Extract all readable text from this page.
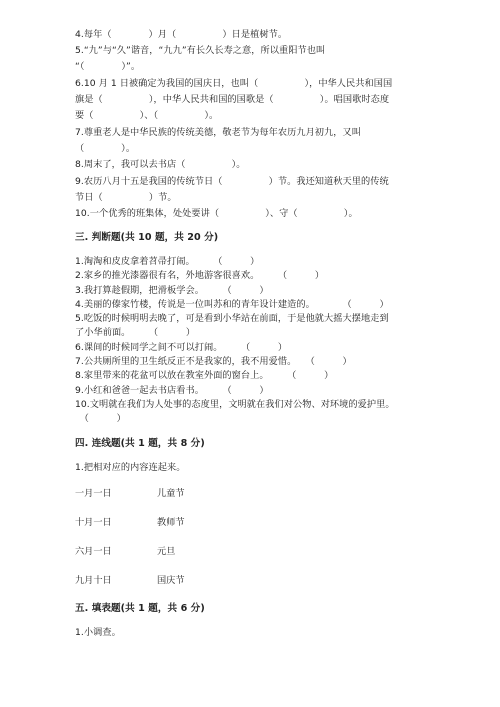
4.每年（　　　　）月（　　　　　）日是植树节。

5.“九”与“久”谐音，“九九”有长久长寿之意，所以重阳节也叫

“（　　　　）”。

6.10 月 1 日被确定为我国的国庆日，也叫（　　　　　），中华人民共和国国

旗是（　　　　　），中华人民共和国的国歌是（　　　　　）。唱国歌时态度

要（　　　　　）、（　　　　　）。

7.尊重老人是中华民族的传统美德，敬老节为每年农历九月初九，又叫

（　　　　）。

8.周末了，我可以去书店（　　　　　）。

9.农历八月十五是我国的传统节日（　　　　　）节。我还知道秋天里的传统

节日（　　　　　）节。

10.一个优秀的班集体，处处要讲（　　　　　）、守（　　　　　）。

三. 判断题(共 10 题，共 20 分)

1.淘淘和皮皮拿着苕帚打闹。　　　（　　　）

2.家乡的推光漆器很有名，外地游客很喜欢。　　　（　　　）

3.我打算趁假期，把滑板学会。　　　（　　　）

4.美丽的傣家竹楼，传说是一位叫苏和的青年设计建造的。　　　　（　　　）

5.吃饭的时候明明去晚了，可是看到小华站在前面，于是他就大摇大摆地走到

了小华前面。　　　（　　　）

6.课间的时候同学之间不可以打闹。　　　（　　　）

7.公共厕所里的卫生纸反正不是我家的，我不用爱惜。　　（　　　）

8.家里带来的花盆可以放在教室外面的窗台上。　　　（　　　）

9.小红和爸爸一起去书店看书。　　　（　　　）

10.文明就在我们为人处事的态度里，文明就在我们对公物、对环境的爱护里。

　（　　　）

四. 连线题(共 1 题，共 8 分)

1.把相对应的内容连起来。

一月一日	儿童节

十月一日	教师节

六月一日	元旦

九月十日	国庆节

五. 填表题(共 1 题，共 6 分)

1.小调查。
